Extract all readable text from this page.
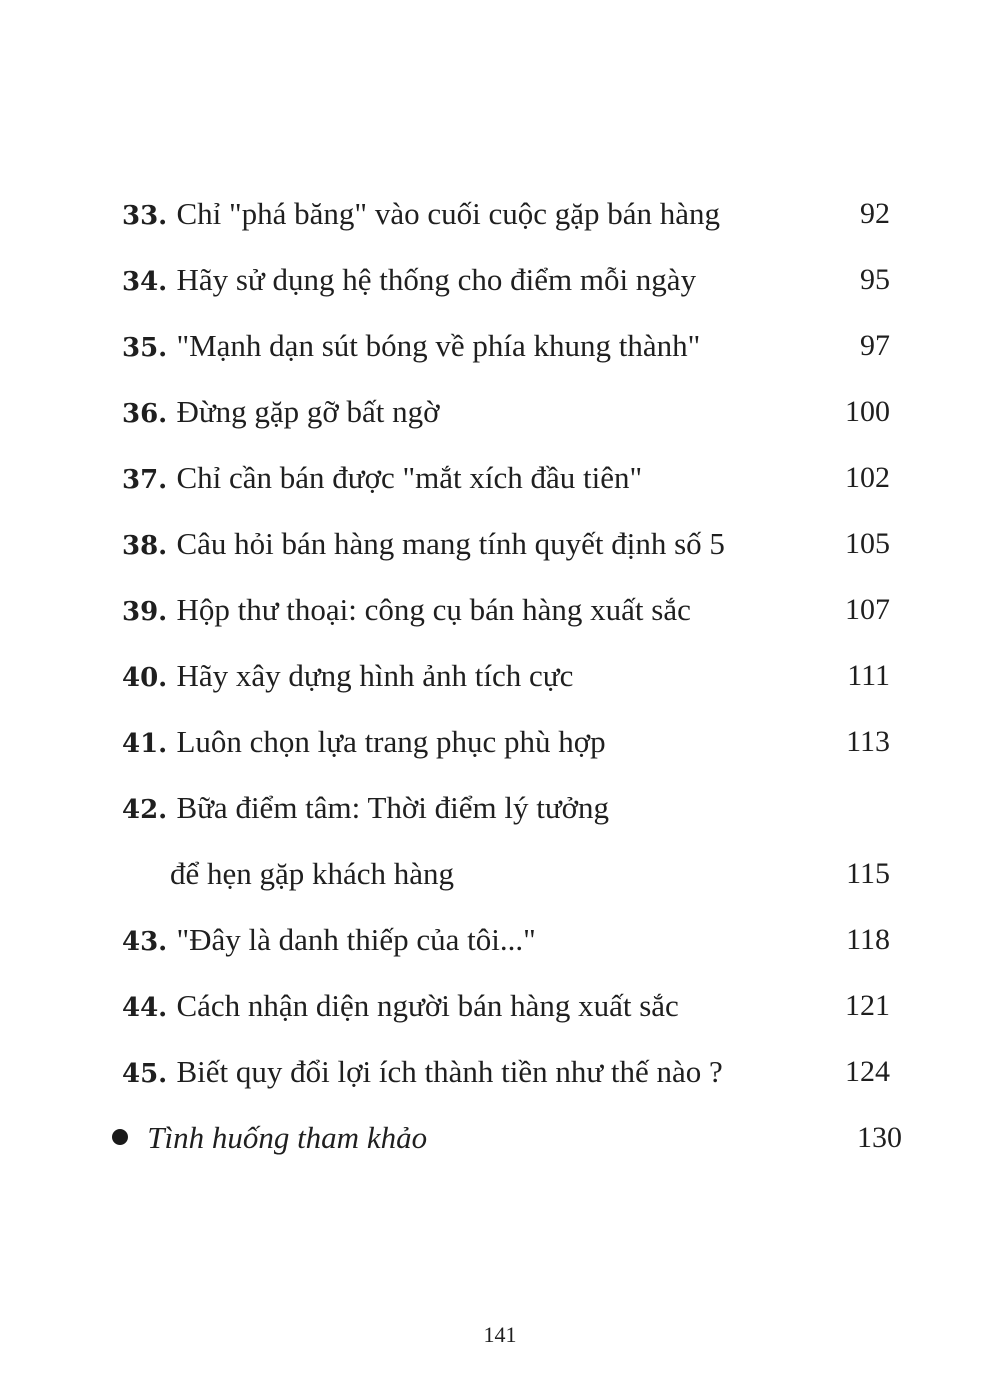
33. Chỉ "phá băng" vào cuối cuộc gặp bán hàng	92
34. Hãy sử dụng hệ thống cho điểm mỗi ngày	95
35. "Mạnh dạn sút bóng về phía khung thành"	97
36. Đừng gặp gỡ bất ngờ	100
37. Chỉ cần bán được "mắt xích đầu tiên"	102
38. Câu hỏi bán hàng mang tính quyết định số 5	105
39. Hộp thư thoại: công cụ bán hàng xuất sắc	107
40. Hãy xây dựng hình ảnh tích cực	111
41. Luôn chọn lựa trang phục phù hợp	113
42. Bữa điểm tâm: Thời điểm lý tưởng
để hẹn gặp khách hàng	115
43. "Đây là danh thiếp của tôi..."	118
44. Cách nhận diện người bán hàng xuất sắc	121
45. Biết quy đổi lợi ích thành tiền như thế nào ?	124
Tình huống tham khảo	130
141
